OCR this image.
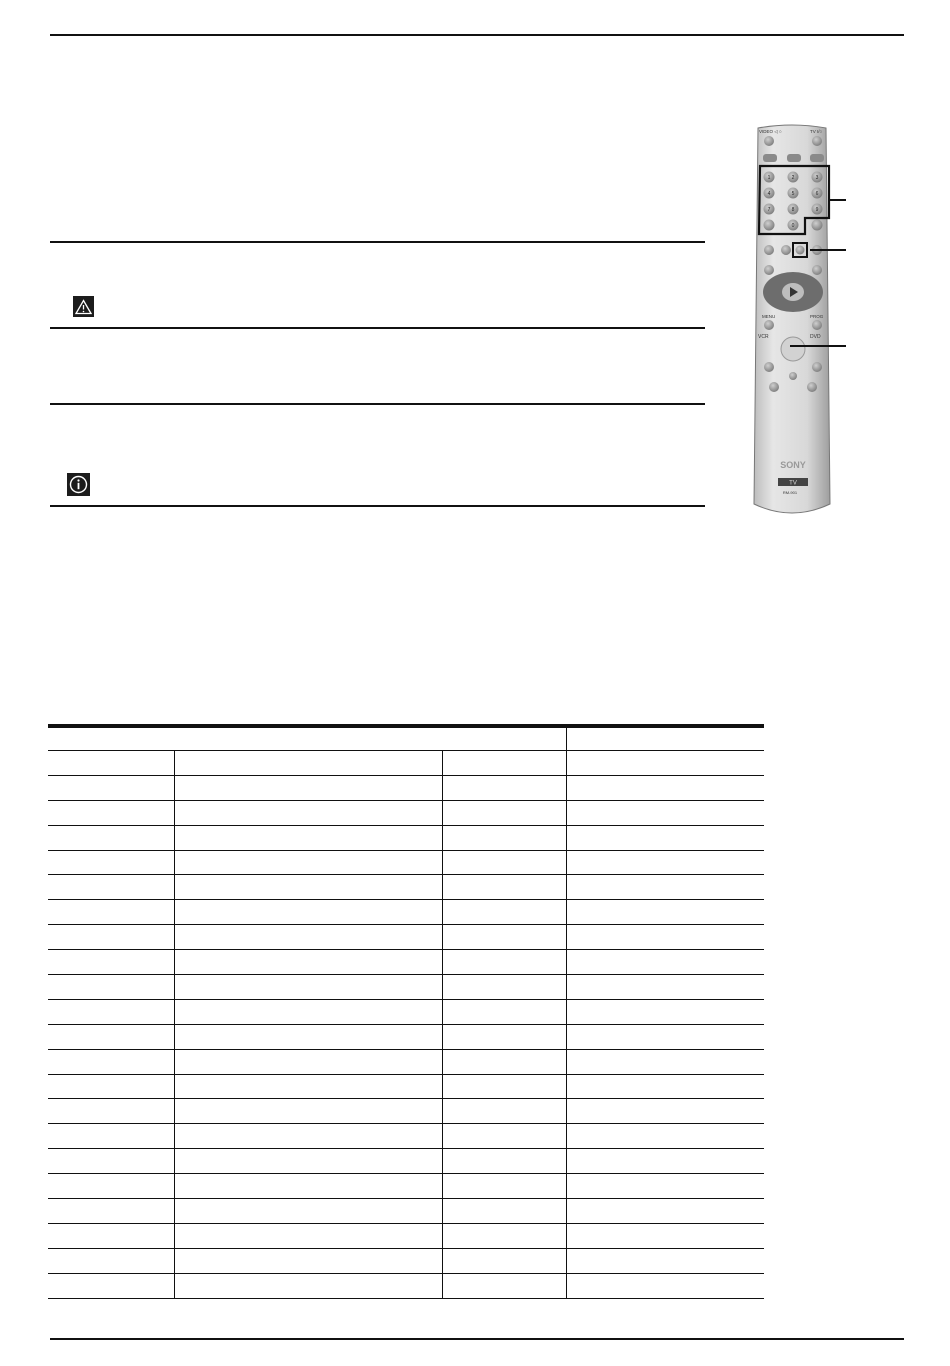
1	2	3
4	5	6
7	8	9
0
VIDEO ◁ ○	TV I/○
MENU	PROG
VCR	DVD
SONY
TV
RM-901
